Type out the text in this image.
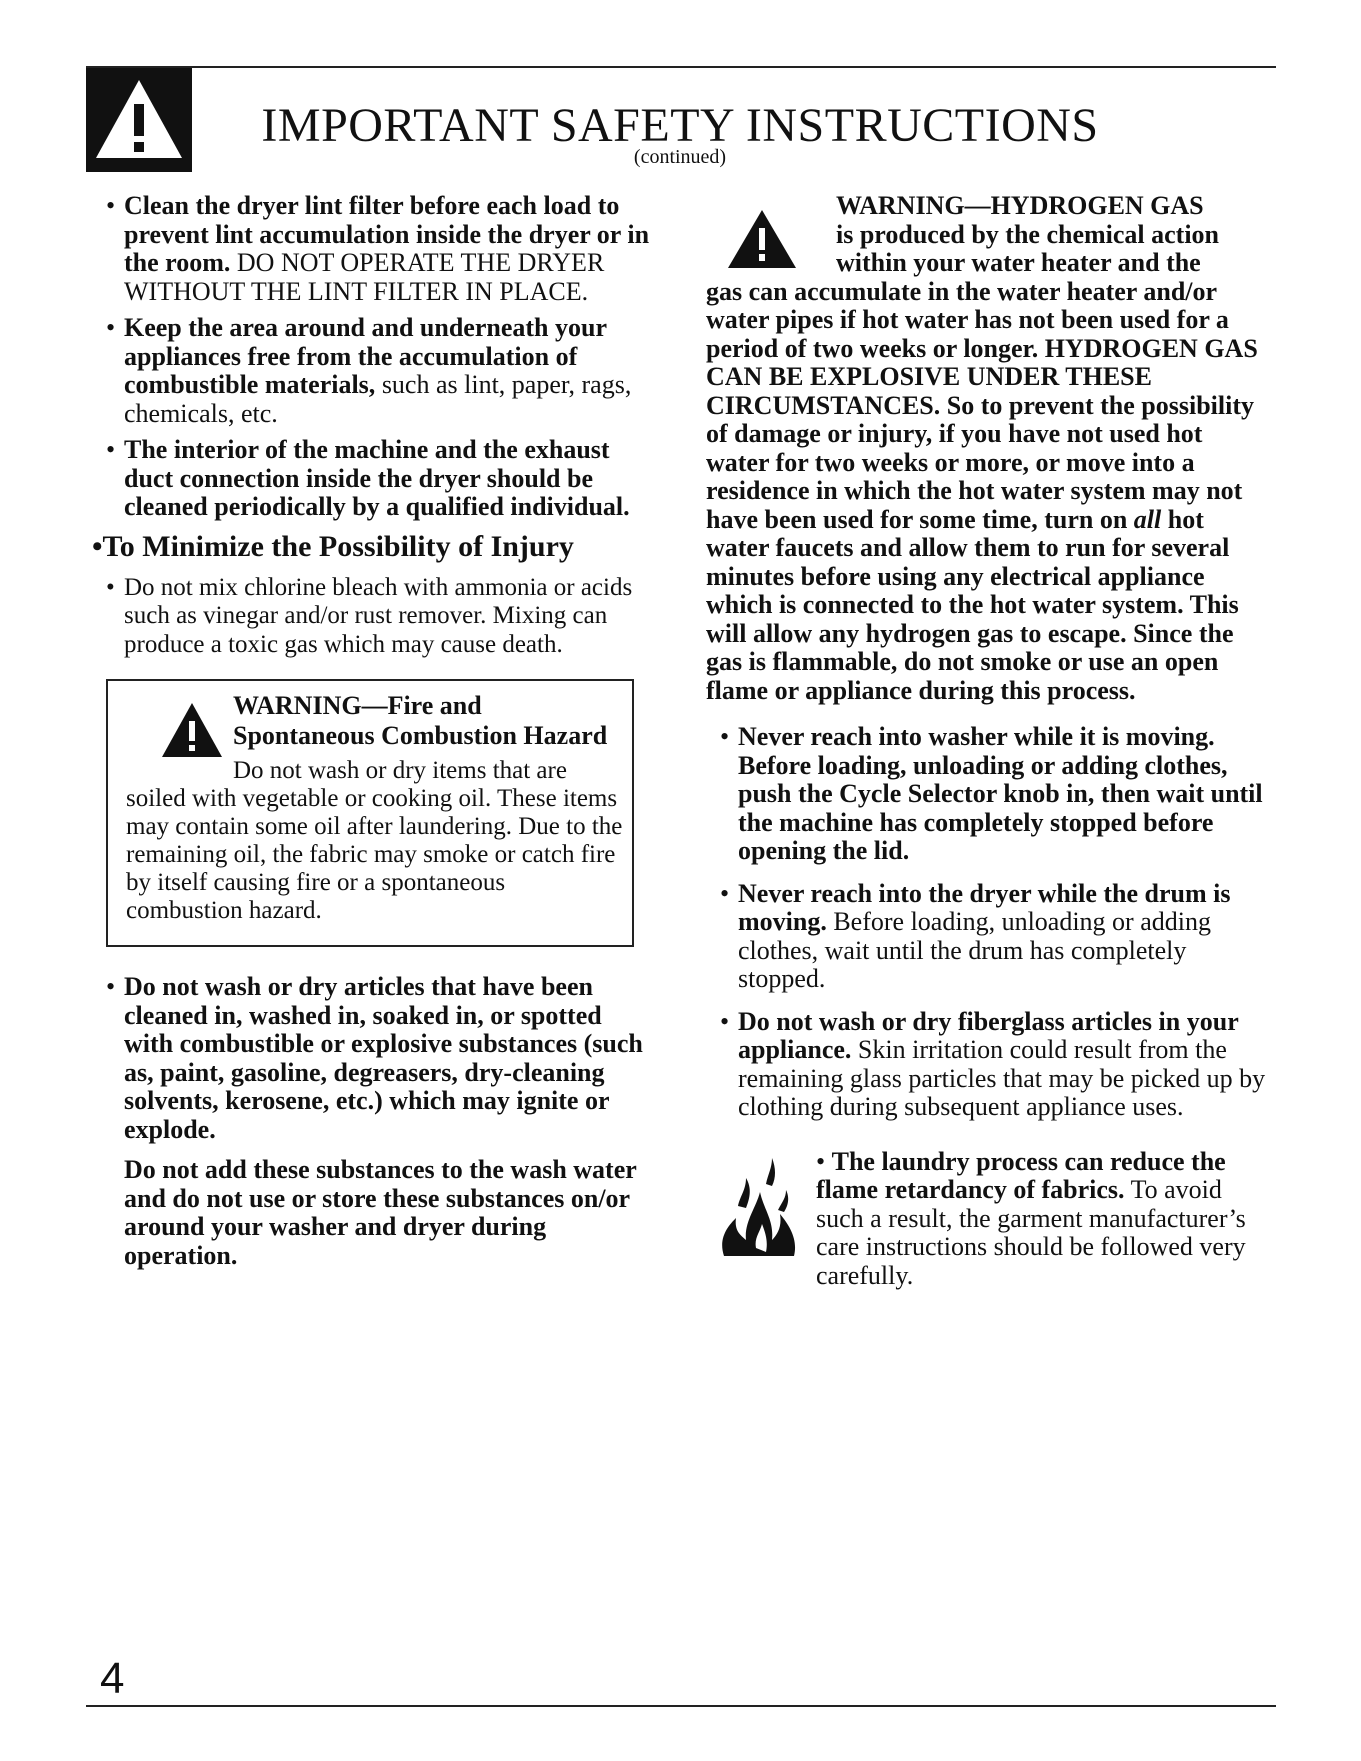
IMPORTANT SAFETY INSTRUCTIONS
(continued)

• Clean the dryer lint filter before each load to prevent lint accumulation inside the dryer or in the room. DO NOT OPERATE THE DRYER WITHOUT THE LINT FILTER IN PLACE.

• Keep the area around and underneath your appliances free from the accumulation of combustible materials, such as lint, paper, rags, chemicals, etc.

• The interior of the machine and the exhaust duct connection inside the dryer should be cleaned periodically by a qualified individual.

•To Minimize the Possibility of Injury

• Do not mix chlorine bleach with ammonia or acids such as vinegar and/or rust remover. Mixing can produce a toxic gas which may cause death.

WARNING—Fire and
Spontaneous Combustion Hazard
Do not wash or dry items that are
soiled with vegetable or cooking oil. These items may contain some oil after laundering. Due to the remaining oil, the fabric may smoke or catch fire by itself causing fire or a spontaneous combustion hazard.

• Do not wash or dry articles that have been cleaned in, washed in, soaked in, or spotted with combustible or explosive substances (such as, paint, gasoline, degreasers, dry-cleaning solvents, kerosene, etc.) which may ignite or explode.

Do not add these substances to the wash water and do not use or store these substances on/or around your washer and dryer during operation.

WARNING—HYDROGEN GAS
is produced by the chemical action
within your water heater and the
gas can accumulate in the water heater and/or water pipes if hot water has not been used for a period of two weeks or longer. HYDROGEN GAS CAN BE EXPLOSIVE UNDER THESE CIRCUMSTANCES. So to prevent the possibility of damage or injury, if you have not used hot water for two weeks or more, or move into a residence in which the hot water system may not have been used for some time, turn on all hot water faucets and allow them to run for several minutes before using any electrical appliance which is connected to the hot water system. This will allow any hydrogen gas to escape. Since the gas is flammable, do not smoke or use an open flame or appliance during this process.

• Never reach into washer while it is moving. Before loading, unloading or adding clothes, push the Cycle Selector knob in, then wait until the machine has completely stopped before opening the lid.

• Never reach into the dryer while the drum is moving. Before loading, unloading or adding clothes, wait until the drum has completely stopped.

• Do not wash or dry fiberglass articles in your appliance. Skin irritation could result from the remaining glass particles that may be picked up by clothing during subsequent appliance uses.

• The laundry process can reduce the flame retardancy of fabrics. To avoid such a result, the garment manufacturer’s care instructions should be followed very carefully.

4
